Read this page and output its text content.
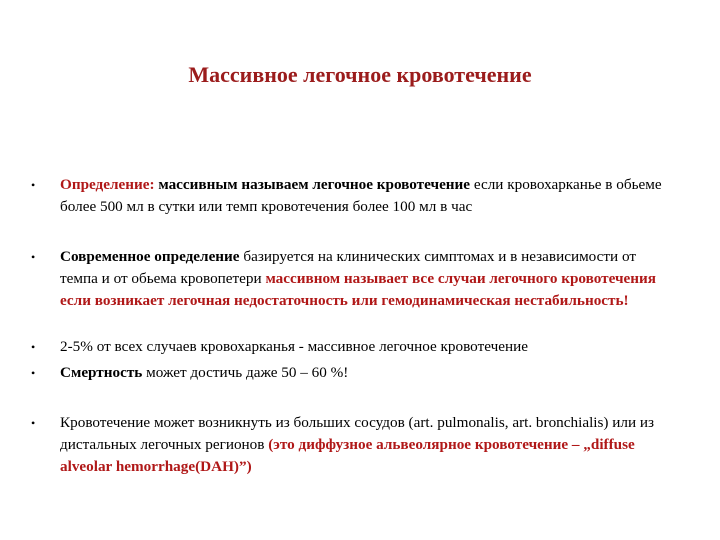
Массивное легочное кровотечение
• Определение: массивным называем легочное кровотечение если кровохарканье в обьеме более 500 мл в сутки или темп кровотечения более 100 мл в час
• Современное определение базируется на клинических симптомах и в независимости от темпа и от обьема кровопетери массивном называет все случаи легочного кровотечения если возникает легочная недостаточность или гемодинамическая нестабильность!
• 2-5% от всех случаев кровохарканья - массивное легочное кровотечение
• Смертность может достичь даже 50 – 60 %!
• Кровотечение может возникнуть из больших сосудов (art. pulmonalis, art. bronchialis) или из дистальных легочных регионов (это диффузное альвеолярное кровотечение – „diffuse alveolar hemorrhage(DAH)”)
